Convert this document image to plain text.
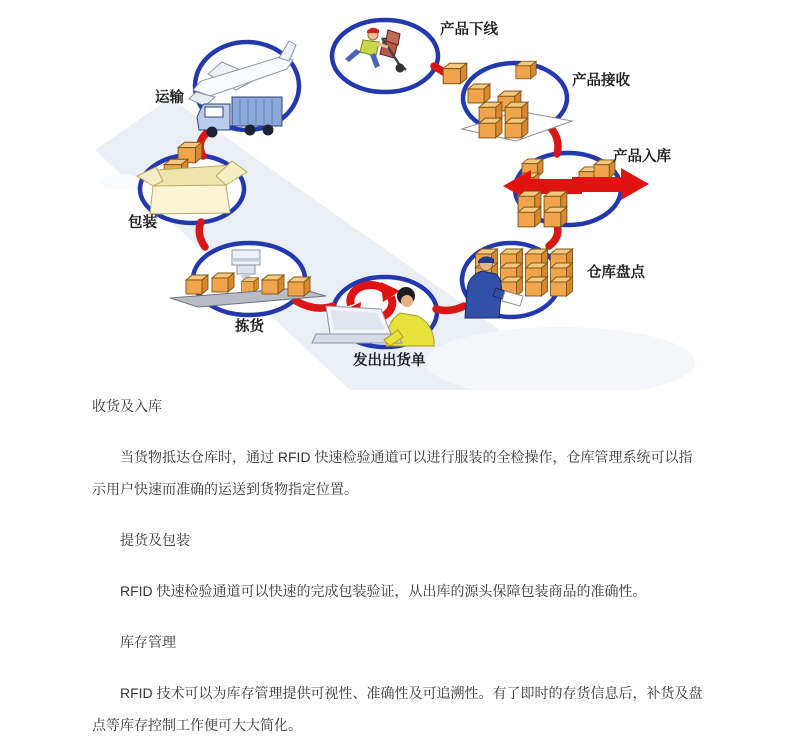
运输
产品下线
产品接收
产品入库
仓库盘点
发出出货单
拣货
包装

收货及入库

当货物抵达仓库时，通过 RFID 快速检验通道可以进行服装的全检操作，仓库管理系统可以指示用户快速而准确的运送到货物指定位置。

提货及包装

RFID 快速检验通道可以快速的完成包装验证，从出库的源头保障包装商品的准确性。

库存管理

RFID 技术可以为库存管理提供可视性、准确性及可追溯性。有了即时的存货信息后，补货及盘点等库存控制工作便可大大简化。
